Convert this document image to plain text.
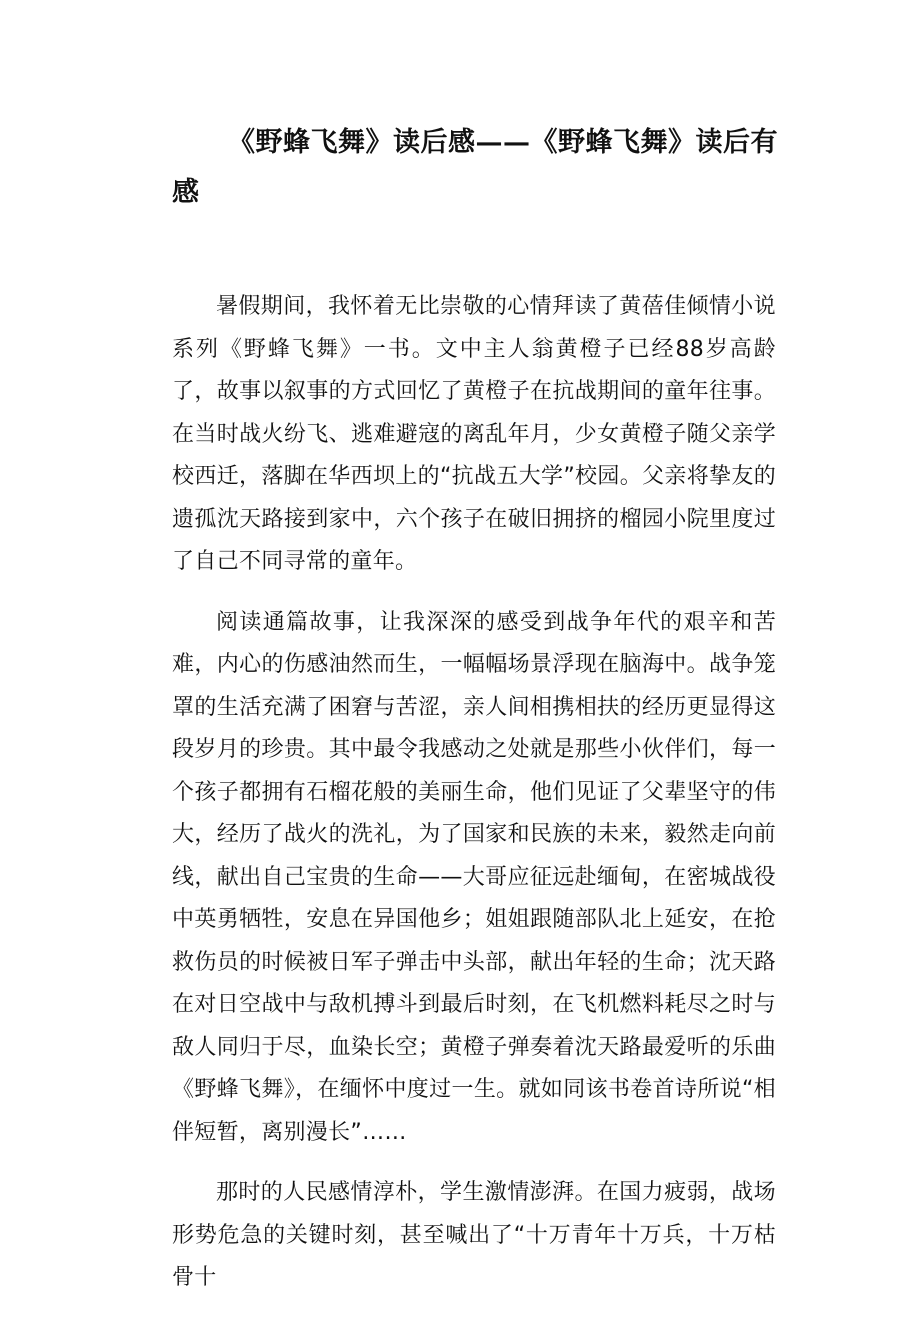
《野蜂飞舞》读后感——《野蜂飞舞》读后有感

暑假期间，我怀着无比崇敬的心情拜读了黄蓓佳倾情小说系列《野蜂飞舞》一书。文中主人翁黄橙子已经88岁高龄了，故事以叙事的方式回忆了黄橙子在抗战期间的童年往事。在当时战火纷飞、逃难避寇的离乱年月，少女黄橙子随父亲学校西迁，落脚在华西坝上的“抗战五大学”校园。父亲将挚友的遗孤沈天路接到家中，六个孩子在破旧拥挤的榴园小院里度过了自己不同寻常的童年。

阅读通篇故事，让我深深的感受到战争年代的艰辛和苦难，内心的伤感油然而生，一幅幅场景浮现在脑海中。战争笼罩的生活充满了困窘与苦涩，亲人间相携相扶的经历更显得这段岁月的珍贵。其中最令我感动之处就是那些小伙伴们，每一个孩子都拥有石榴花般的美丽生命，他们见证了父辈坚守的伟大，经历了战火的洗礼，为了国家和民族的未来，毅然走向前线，献出自己宝贵的生命——大哥应征远赴缅甸，在密城战役中英勇牺牲，安息在异国他乡；姐姐跟随部队北上延安，在抢救伤员的时候被日军子弹击中头部，献出年轻的生命；沈天路在对日空战中与敌机搏斗到最后时刻，在飞机燃料耗尽之时与敌人同归于尽，血染长空；黄橙子弹奏着沈天路最爱听的乐曲《野蜂飞舞》，在缅怀中度过一生。就如同该书卷首诗所说“相伴短暂，离别漫长”……

那时的人民感情淳朴，学生激情澎湃。在国力疲弱，战场形势危急的关键时刻，甚至喊出了“十万青年十万兵，十万枯骨十
